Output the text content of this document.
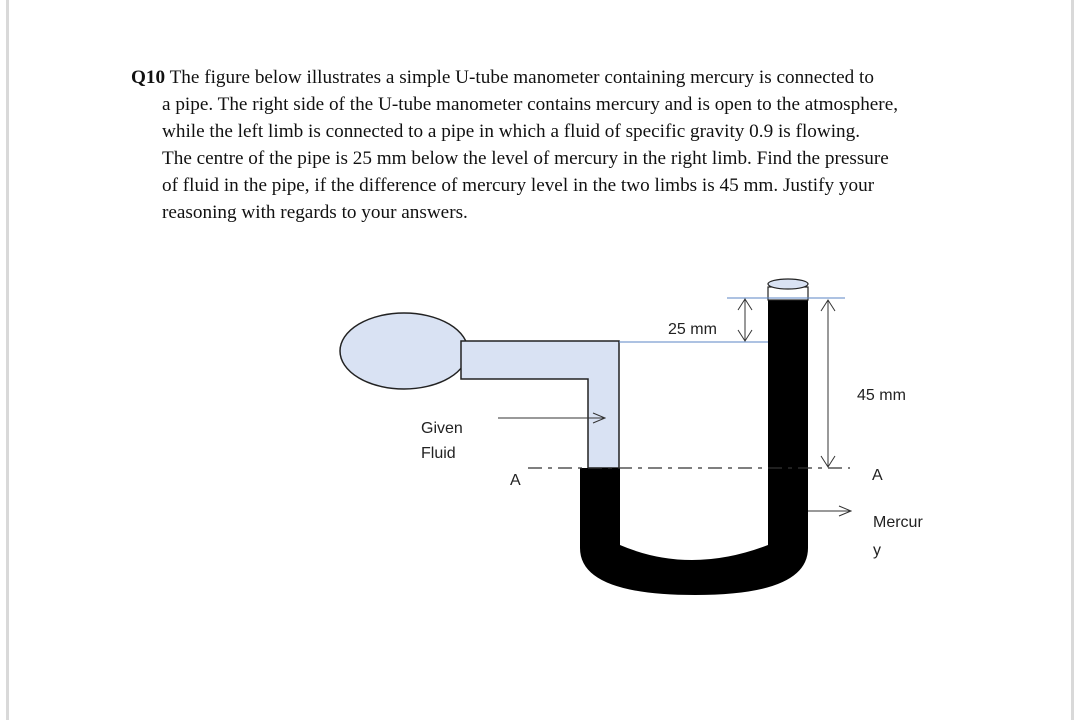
Q10 The figure below illustrates a simple U-tube manometer containing mercury is connected to
a pipe. The right side of the U-tube manometer contains mercury and is open to the atmosphere,
while the left limb is connected to a pipe in which a fluid of specific gravity 0.9 is flowing.
The centre of the pipe is 25 mm below the level of mercury in the right limb. Find the pressure
of fluid in the pipe, if the difference of mercury level in the two limbs is 45 mm. Justify your
reasoning with regards to your answers.
25 mm
45 mm
Given
Fluid
A	A
Mercur
y
